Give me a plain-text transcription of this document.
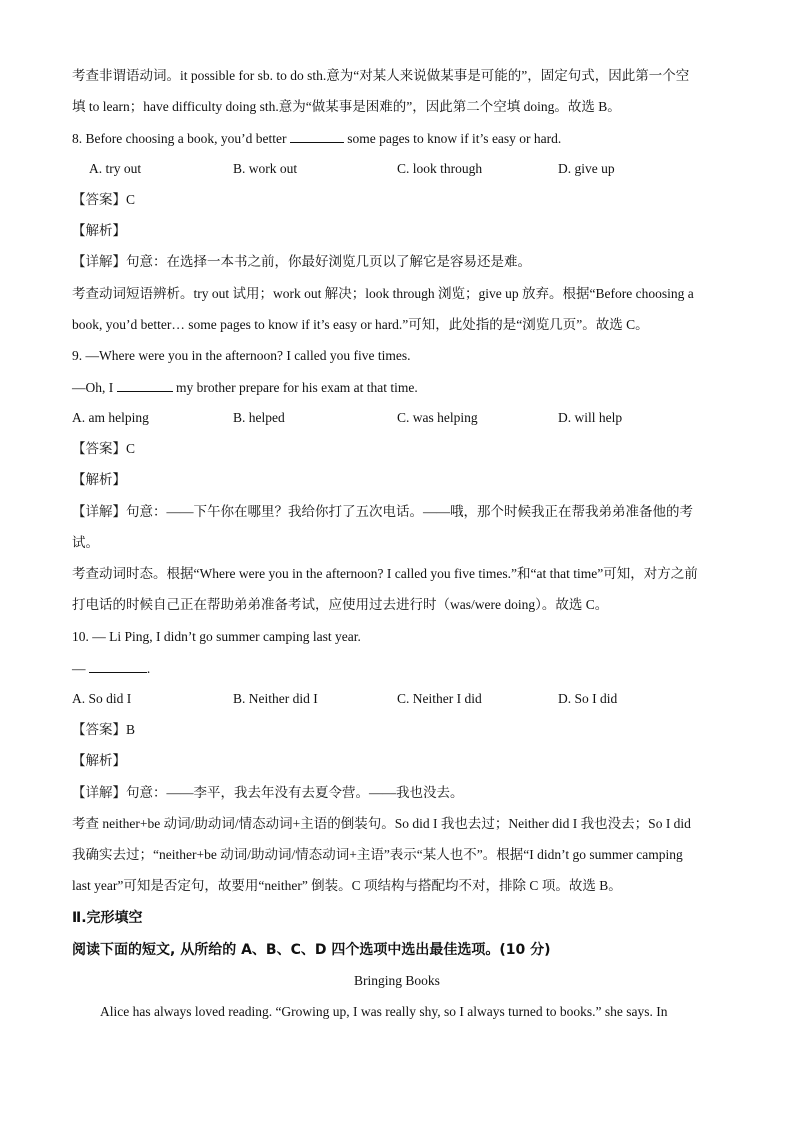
考查非谓语动词。it possible for sb. to do sth.意为“对某人来说做某事是可能的”，固定句式，因此第一个空
填 to learn；have difficulty doing sth.意为“做某事是困难的”，因此第二个空填 doing。故选 B。
8. Before choosing a book, you’d better	some pages to know if it’s easy or hard.
A. try out	B. work out	C. look through	D. give up
【答案】C
【解析】
【详解】句意：在选择一本书之前，你最好浏览几页以了解它是容易还是难。
考查动词短语辨析。try out 试用；work out 解决；look through 浏览；give up 放弃。根据“Before choosing a
book, you’d better… some pages to know if it’s easy or hard.”可知，此处指的是“浏览几页”。故选 C。
9. —Where were you in the afternoon? I called you five times.
—Oh, I	my brother prepare for his exam at that time.
A. am helping	B. helped	C. was helping	D. will help
【答案】C
【解析】
【详解】句意：——下午你在哪里？我给你打了五次电话。——哦，那个时候我正在帮我弟弟准备他的考
试。
考查动词时态。根据“Where were you in the afternoon? I called you five times.”和“at that time”可知，对方之前
打电话的时候自己正在帮助弟弟准备考试，应使用过去进行时（was/were doing）。故选 C。
10. — Li Ping, I didn’t go summer camping last year.
—	.
A. So did I	B. Neither did I	C. Neither I did	D. So I did
【答案】B
【解析】
【详解】句意：——李平，我去年没有去夏令营。——我也没去。
考查 neither+be 动词/助动词/情态动词+主语的倒装句。So did I 我也去过；Neither did I 我也没去；So I did
我确实去过；“neither+be 动词/助动词/情态动词+主语”表示“某人也不”。根据“I didn’t go summer camping
last year”可知是否定句，故要用“neither” 倒装。C 项结构与搭配均不对，排除 C 项。故选 B。
Ⅱ.完形填空
阅读下面的短文, 从所给的 A、B、C、D 四个选项中选出最佳选项。(10 分)
Bringing Books
Alice has always loved reading. “Growing up, I was really shy, so I always turned to books.” she says. In
